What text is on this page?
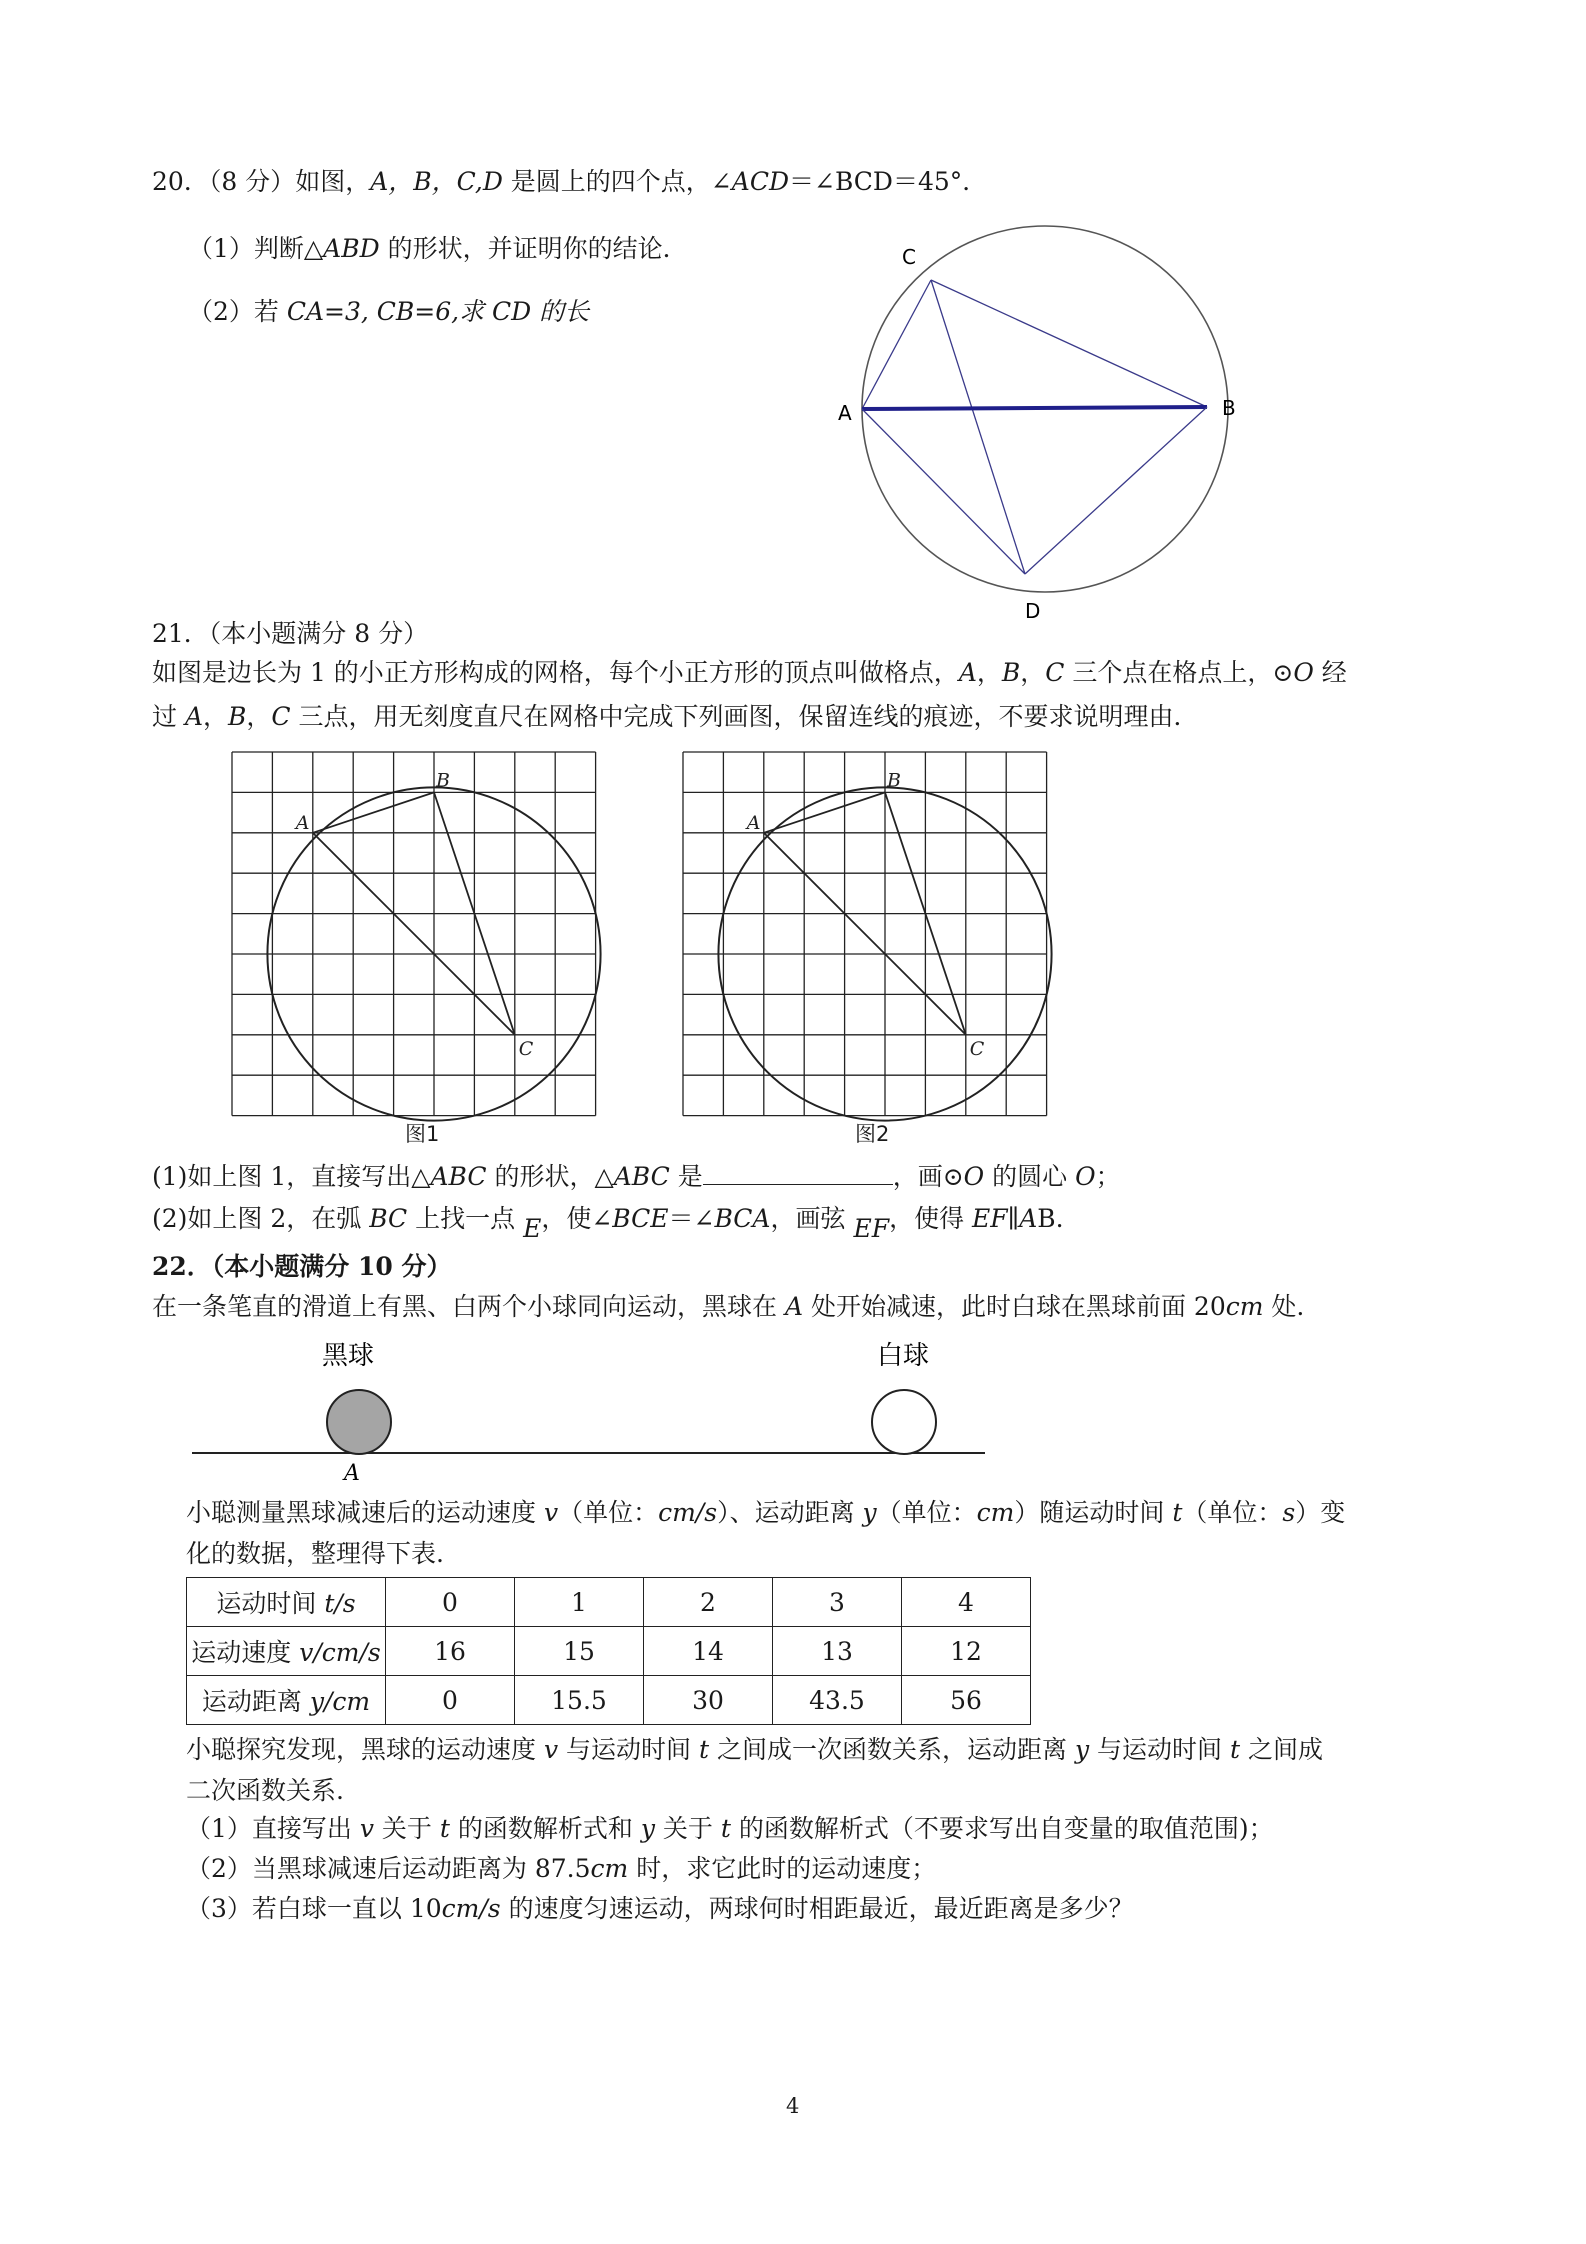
20．（8 分）如图，A，B，C,D 是圆上的四个点，∠ACD＝∠BCD＝45°．
（1）判断△ABD 的形状，并证明你的结论．
（2）若 CA=3, CB=6,求 CD 的长
C
A	B
D
21．（本小题满分 8 分）
如图是边长为 1 的小正方形构成的网格，每个小正方形的顶点叫做格点，A，B，C 三个点在格点上，⊙O 经
过 A，B，C 三点，用无刻度直尺在网格中完成下列画图，保留连线的痕迹，不要求说明理由．
A
B
C
A
B
C
图1	图2
(1)如上图 1，直接写出△ABC 的形状，△ABC 是	，画⊙O 的圆心 O；
(2)如上图 2，在弧 BC 上找一点 E，使∠BCE＝∠BCA，画弦 EF，使得 EF∥AB.
22．（本小题满分 10 分）
在一条笔直的滑道上有黑、白两个小球同向运动，黑球在 A 处开始减速，此时白球在黑球前面 20cm 处.
黑球	白球
A
小聪测量黑球减速后的运动速度 v（单位：cm/s）、运动距离 y（单位：cm）随运动时间 t（单位：s）变
化的数据，整理得下表.
运动时间 t/s	0	1	2	3	4
运动速度 v/cm/s	16	15	14	13	12
运动距离 y/cm	0	15.5	30	43.5	56
小聪探究发现，黑球的运动速度 v 与运动时间 t 之间成一次函数关系，运动距离 y 与运动时间 t 之间成
二次函数关系.
（1）直接写出 v 关于 t 的函数解析式和 y 关于 t 的函数解析式（不要求写出自变量的取值范围)；
（2）当黑球减速后运动距离为 87.5cm 时，求它此时的运动速度；
（3）若白球一直以 10cm/s 的速度匀速运动，两球何时相距最近，最近距离是多少？
4
